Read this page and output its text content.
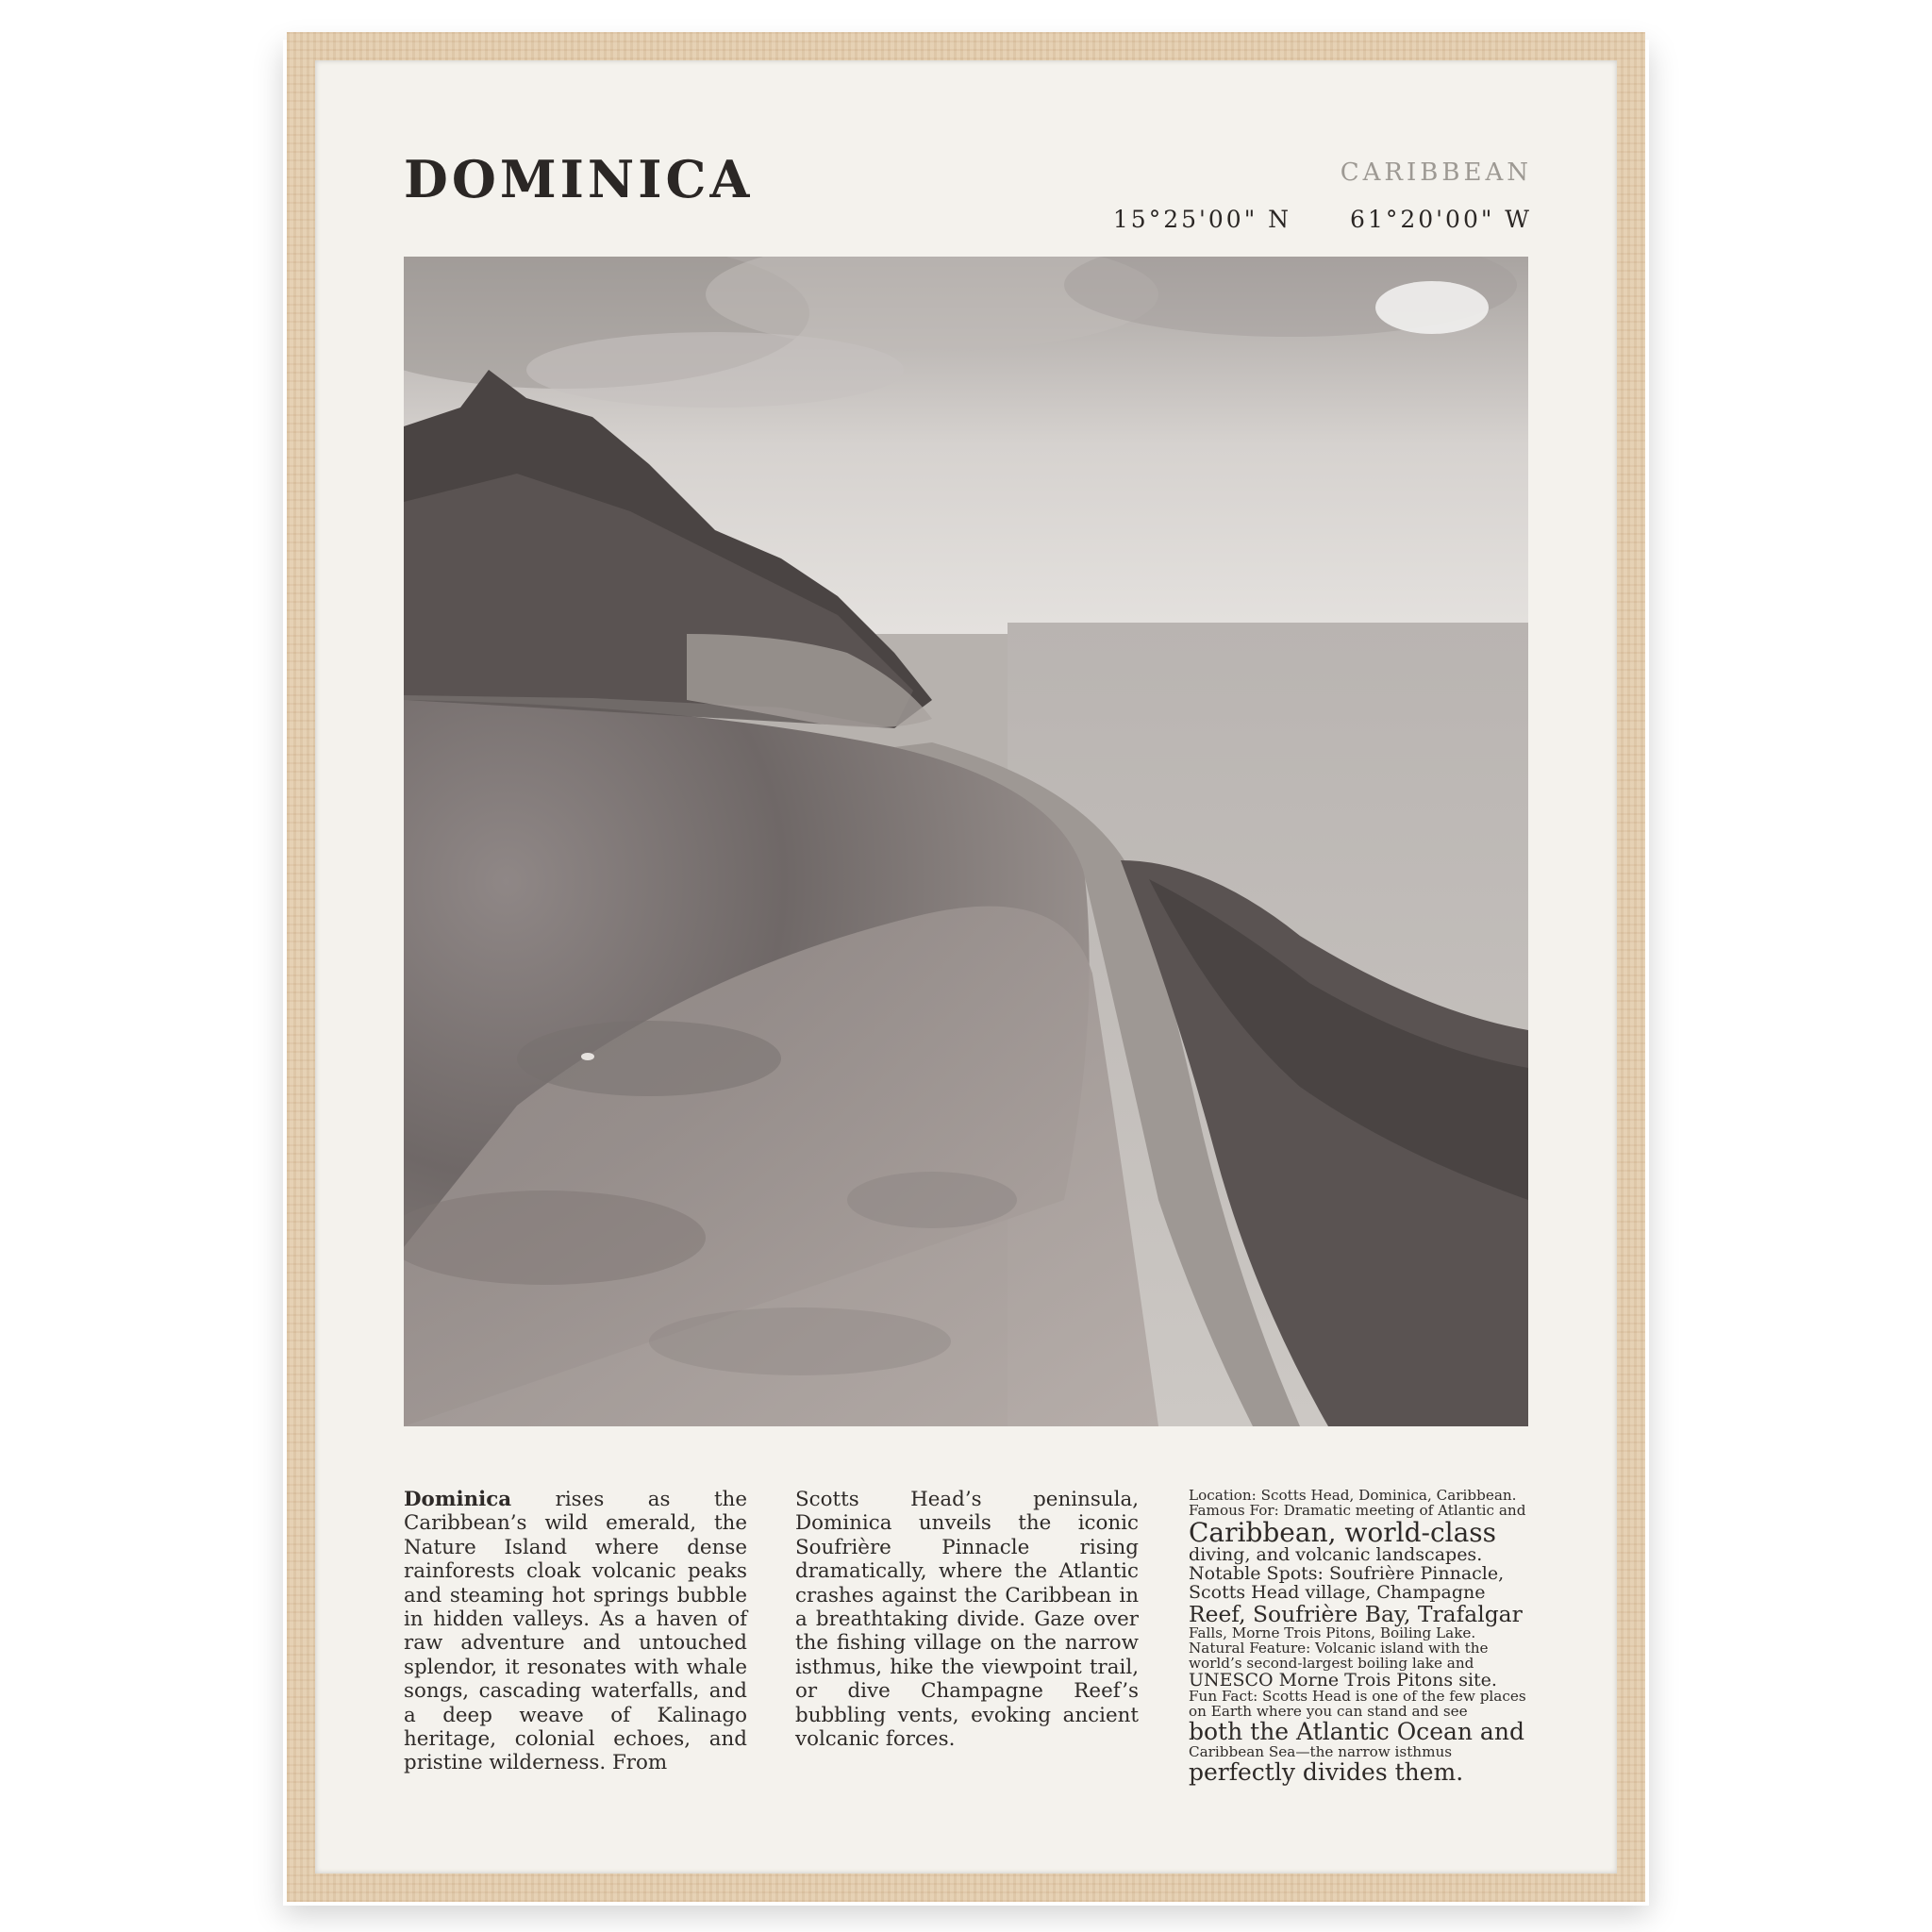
DOMINICA	CARIBBEAN
15°25'00" N 61°20'00" W
Dominica rises as the Caribbean’s wild emerald, the Nature Island where dense rainforests cloak volcanic peaks and steaming hot springs bubble in hidden valleys. As a haven of raw adventure and untouched splendor, it resonates with whale songs, cascading waterfalls, and a deep weave of Kalinago heritage, colonial echoes, and pristine wilderness. From
Scotts Head’s peninsula, Dominica unveils the iconic Soufrière Pinnacle rising dramatically, where the Atlantic crashes against the Caribbean in a breathtaking divide. Gaze over the fishing village on the narrow isthmus, hike the viewpoint trail, or dive Champagne Reef’s bubbling vents, evoking ancient volcanic forces.
Location: Scotts Head, Dominica, Caribbean.
Famous For: Dramatic meeting of Atlantic and
Caribbean, world-class
diving, and volcanic landscapes.
Notable Spots: Soufrière Pinnacle,
Scotts Head village, Champagne
Reef, Soufrière Bay, Trafalgar
Falls, Morne Trois Pitons, Boiling Lake.
Natural Feature: Volcanic island with the
world’s second-largest boiling lake and
UNESCO Morne Trois Pitons site.
Fun Fact: Scotts Head is one of the few places
on Earth where you can stand and see
both the Atlantic Ocean and
Caribbean Sea—the narrow isthmus
perfectly divides them.
